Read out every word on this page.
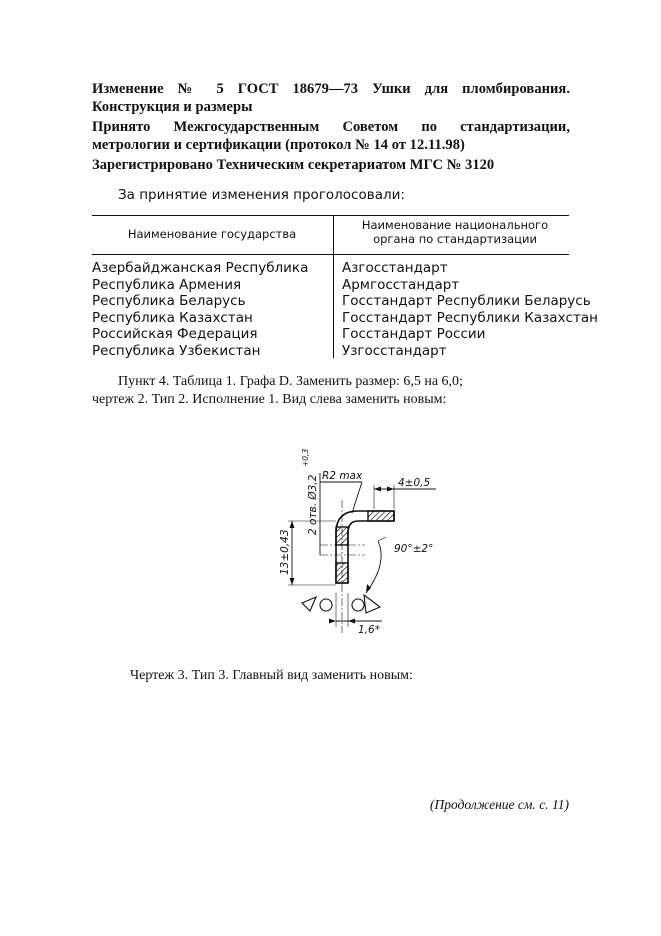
Изменение № 5 ГОСТ 18679—73 Ушки для пломбирования. Конструкция и размеры
Принято Межгосударственным Советом по стандартизации, метрологии и сертификации (протокол № 14 от 12.11.98)
Зарегистрировано Техническим секретариатом МГС № 3120
За принятие изменения проголосовали:
Наименование государства
Наименование национального
органа по стандартизации
Азербайджанская Республика
Республика Армения
Республика Беларусь
Республика Казахстан
Российская Федерация
Республика Узбекистан
Азгосстандарт
Армгосстандарт
Госстандарт Республики Беларусь
Госстандарт Республики Казахстан
Госстандарт России
Узгосстандарт
Пункт 4. Таблица 1. Графа D. Заменить размер: 6,5 на 6,0;
чертеж 2. Тип 2. Исполнение 1. Вид слева заменить новым:
R2 max
4±0,5
90°±2°
1,6*
13±0,43
2 отв. Ø3,2
+0,3
Чертеж 3. Тип 3. Главный вид заменить новым:
(Продолжение см. с. 11)
